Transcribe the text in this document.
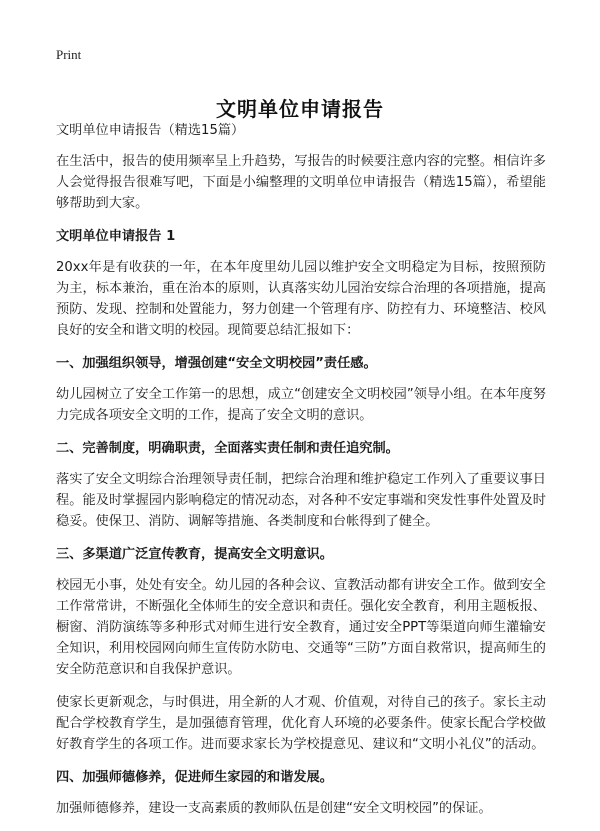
Print
文明单位申请报告
文明单位申请报告（精选15篇）

在生活中，报告的使用频率呈上升趋势，写报告的时候要注意内容的完整。相信许多人会觉得报告很难写吧，下面是小编整理的文明单位申请报告（精选15篇），希望能够帮助到大家。

文明单位申请报告 1

20xx年是有收获的一年，在本年度里幼儿园以维护安全文明稳定为目标，按照预防为主，标本兼治，重在治本的原则，认真落实幼儿园治安综合治理的各项措施，提高预防、发现、控制和处置能力，努力创建一个管理有序、防控有力、环境整洁、校风良好的安全和谐文明的校园。现简要总结汇报如下：

一、加强组织领导，增强创建“安全文明校园”责任感。

幼儿园树立了安全工作第一的思想，成立“创建安全文明校园”领导小组。在本年度努力完成各项安全文明的工作，提高了安全文明的意识。

二、完善制度，明确职责，全面落实责任制和责任追究制。

落实了安全文明综合治理领导责任制，把综合治理和维护稳定工作列入了重要议事日程。能及时掌握园内影响稳定的情况动态，对各种不安定事端和突发性事件处置及时稳妥。使保卫、消防、调解等措施、各类制度和台帐得到了健全。

三、多渠道广泛宣传教育，提高安全文明意识。

校园无小事，处处有安全。幼儿园的各种会议、宣教活动都有讲安全工作。做到安全工作常常讲，不断强化全体师生的安全意识和责任。强化安全教育，利用主题板报、橱窗、消防演练等多种形式对师生进行安全教育，通过安全PPT等渠道向师生灌输安全知识，利用校园网向师生宣传防水防电、交通等“三防”方面自救常识，提高师生的安全防范意识和自我保护意识。

使家长更新观念，与时俱进，用全新的人才观、价值观，对待自己的孩子。家长主动配合学校教育学生，是加强德育管理，优化育人环境的必要条件。使家长配合学校做好教育学生的各项工作。进而要求家长为学校提意见、建议和“文明小礼仪”的活动。

四、加强师德修养，促进师生家园的和谐发展。

加强师德修养，建设一支高素质的教师队伍是创建“安全文明校园”的保证。
